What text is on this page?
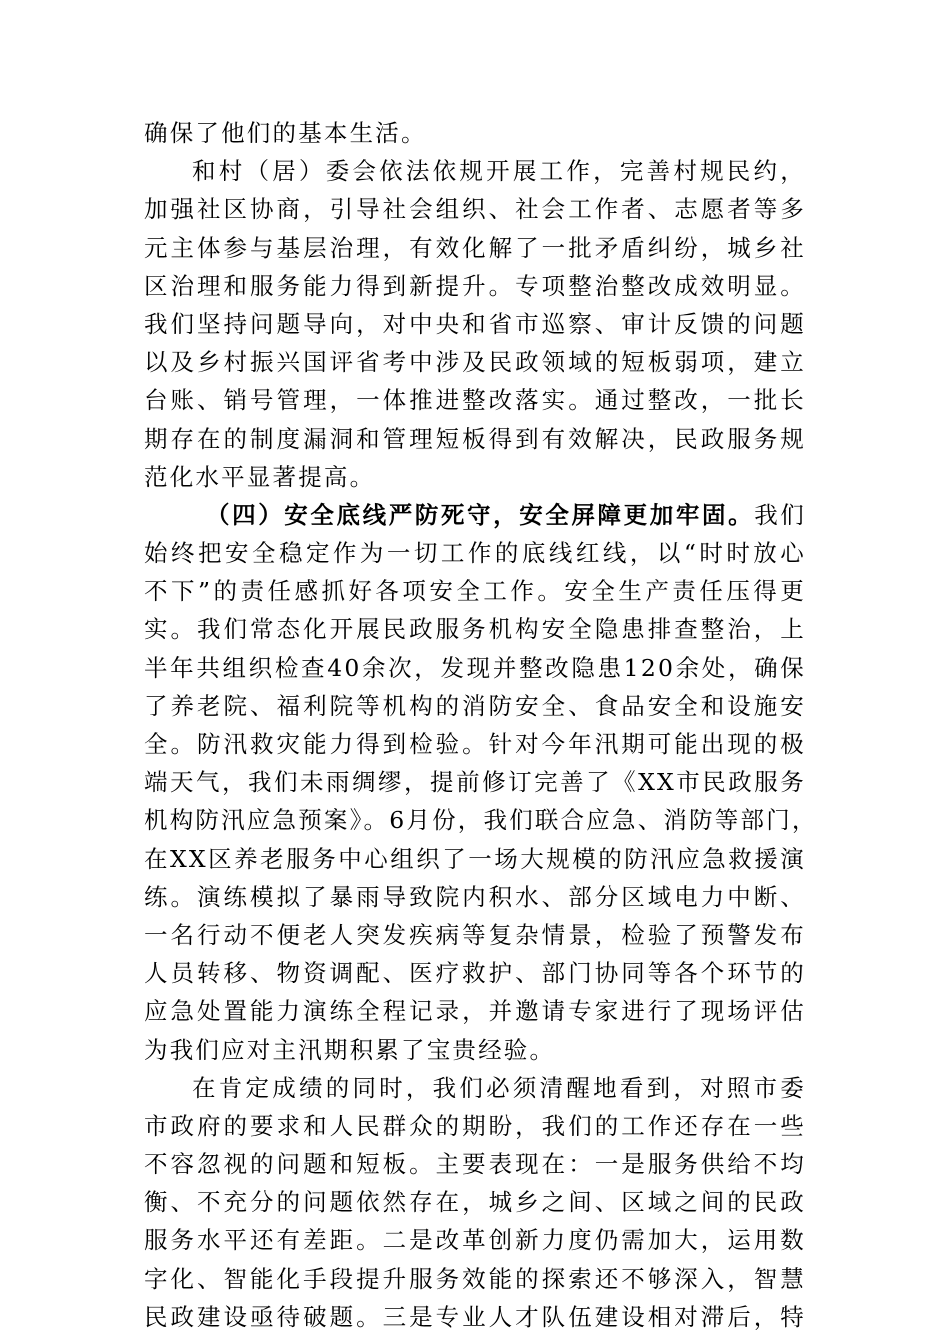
确保了他们的基本生活。
和村（居）委会依法依规开展工作，完善村规民约，
加强社区协商，引导社会组织、社会工作者、志愿者等多
元主体参与基层治理，有效化解了一批矛盾纠纷，城乡社
区治理和服务能力得到新提升。专项整治整改成效明显。
我们坚持问题导向，对中央和省市巡察、审计反馈的问题
以及乡村振兴国评省考中涉及民政领域的短板弱项，建立
台账、销号管理，一体推进整改落实。通过整改，一批长
期存在的制度漏洞和管理短板得到有效解决，民政服务规
范化水平显著提高。
（四）安全底线严防死守，安全屏障更加牢固。我们
始终把安全稳定作为一切工作的底线红线，以“时时放心
不下”的责任感抓好各项安全工作。安全生产责任压得更
实。我们常态化开展民政服务机构安全隐患排查整治，上
半年共组织检查40余次，发现并整改隐患120余处，确保
了养老院、福利院等机构的消防安全、食品安全和设施安
全。防汛救灾能力得到检验。针对今年汛期可能出现的极
端天气，我们未雨绸缪，提前修订完善了《XX市民政服务
机构防汛应急预案》。6月份，我们联合应急、消防等部门，
在XX区养老服务中心组织了一场大规模的防汛应急救援演
练。演练模拟了暴雨导致院内积水、部分区域电力中断、
一名行动不便老人突发疾病等复杂情景，检验了预警发布
人员转移、物资调配、医疗救护、部门协同等各个环节的
应急处置能力演练全程记录，并邀请专家进行了现场评估
为我们应对主汛期积累了宝贵经验。
在肯定成绩的同时，我们必须清醒地看到，对照市委
市政府的要求和人民群众的期盼，我们的工作还存在一些
不容忽视的问题和短板。主要表现在：一是服务供给不均
衡、不充分的问题依然存在，城乡之间、区域之间的民政
服务水平还有差距。二是改革创新力度仍需加大，运用数
字化、智能化手段提升服务效能的探索还不够深入，智慧
民政建设亟待破题。三是专业人才队伍建设相对滞后，特
